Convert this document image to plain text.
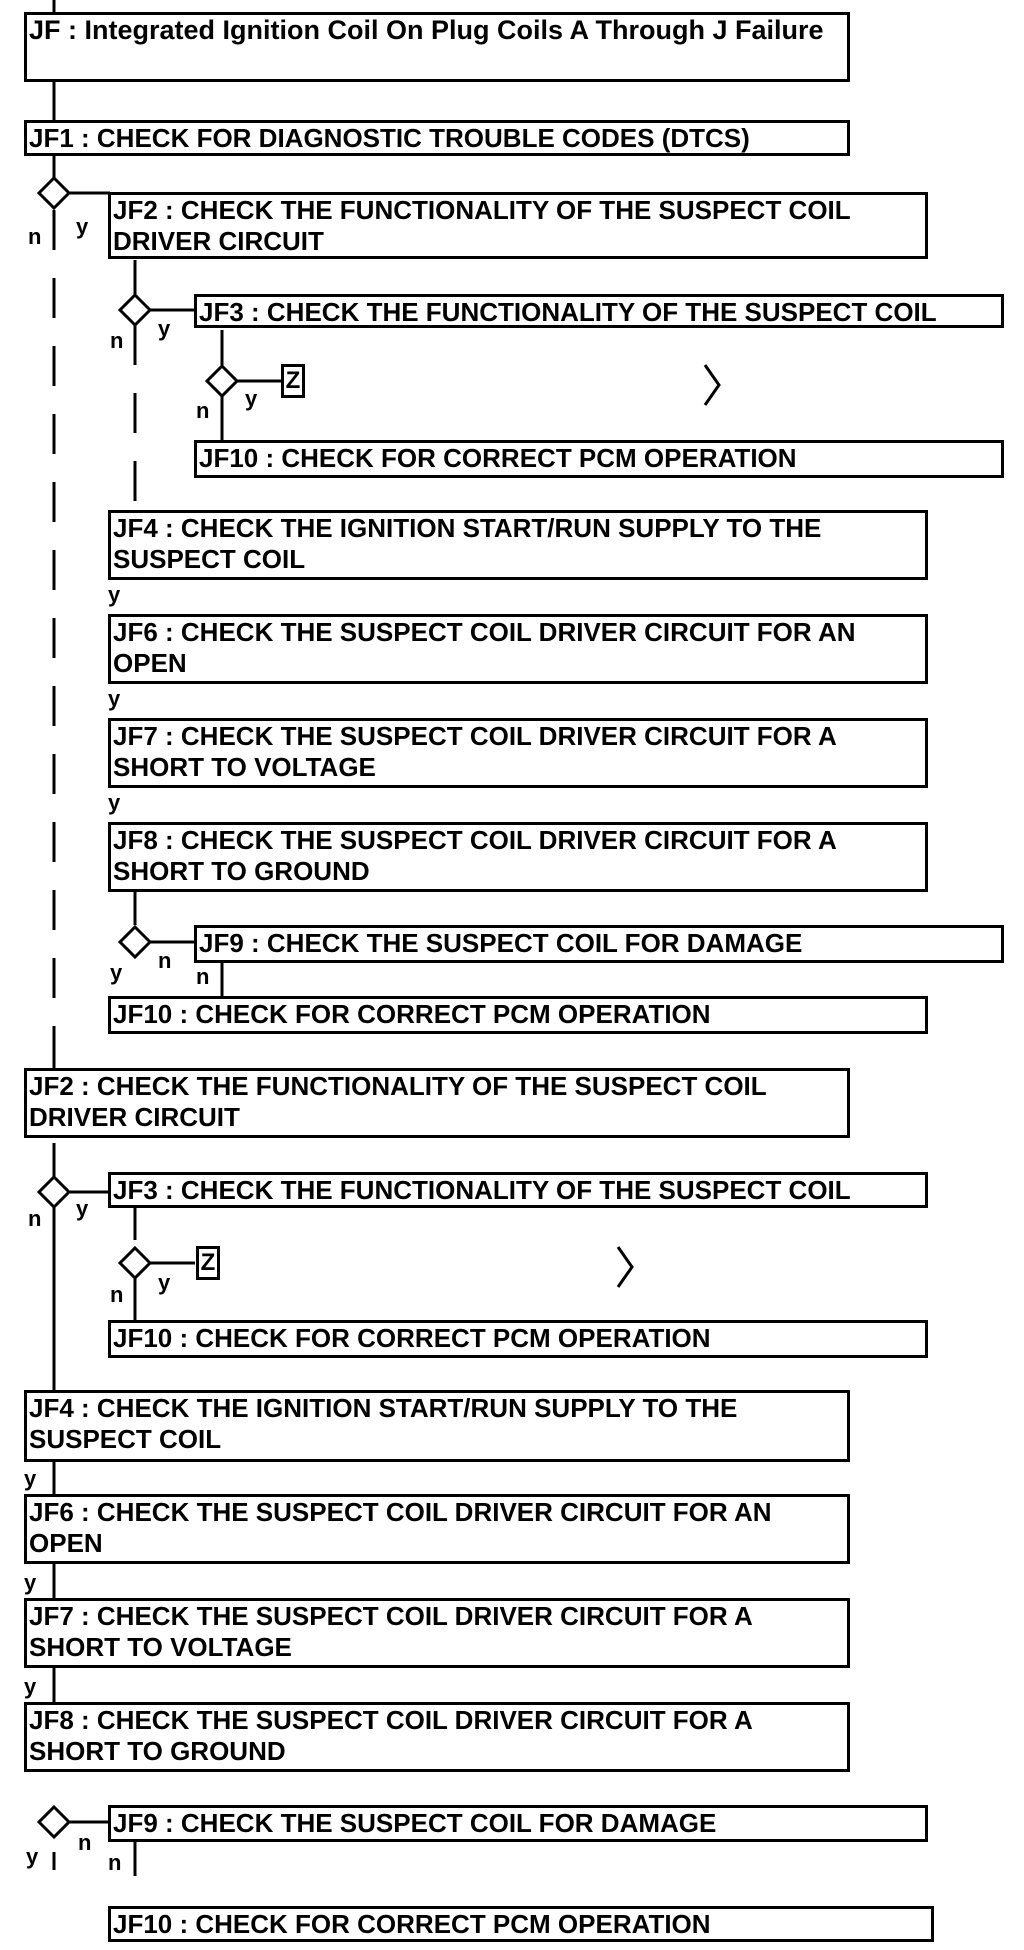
Z
Z
JF : Integrated Ignition Coil On Plug Coils A Through J Failure
JF1 : CHECK FOR DIAGNOSTIC TROUBLE CODES (DTCS)
JF2 : CHECK THE FUNCTIONALITY OF THE SUSPECT COIL DRIVER CIRCUIT
JF3 : CHECK THE FUNCTIONALITY OF THE SUSPECT COIL
JF10 : CHECK FOR CORRECT PCM OPERATION
JF4 : CHECK THE IGNITION START/RUN SUPPLY TO THE SUSPECT COIL
JF6 : CHECK THE SUSPECT COIL DRIVER CIRCUIT FOR AN OPEN
JF7 : CHECK THE SUSPECT COIL DRIVER CIRCUIT FOR A SHORT TO VOLTAGE
JF8 : CHECK THE SUSPECT COIL DRIVER CIRCUIT FOR A SHORT TO GROUND
JF9 : CHECK THE SUSPECT COIL FOR DAMAGE
JF10 : CHECK FOR CORRECT PCM OPERATION
JF2 : CHECK THE FUNCTIONALITY OF THE SUSPECT COIL DRIVER CIRCUIT
JF3 : CHECK THE FUNCTIONALITY OF THE SUSPECT COIL
JF10 : CHECK FOR CORRECT PCM OPERATION
JF4 : CHECK THE IGNITION START/RUN SUPPLY TO THE SUSPECT COIL
JF6 : CHECK THE SUSPECT COIL DRIVER CIRCUIT FOR AN OPEN
JF7 : CHECK THE SUSPECT COIL DRIVER CIRCUIT FOR A SHORT TO VOLTAGE
JF8 : CHECK THE SUSPECT COIL DRIVER CIRCUIT FOR A SHORT TO GROUND
JF9 : CHECK THE SUSPECT COIL FOR DAMAGE
JF10 : CHECK FOR CORRECT PCM OPERATION
n y
n y
n y
y
y
y
y n
n
n y
n y
y
y
y
y
n
n
